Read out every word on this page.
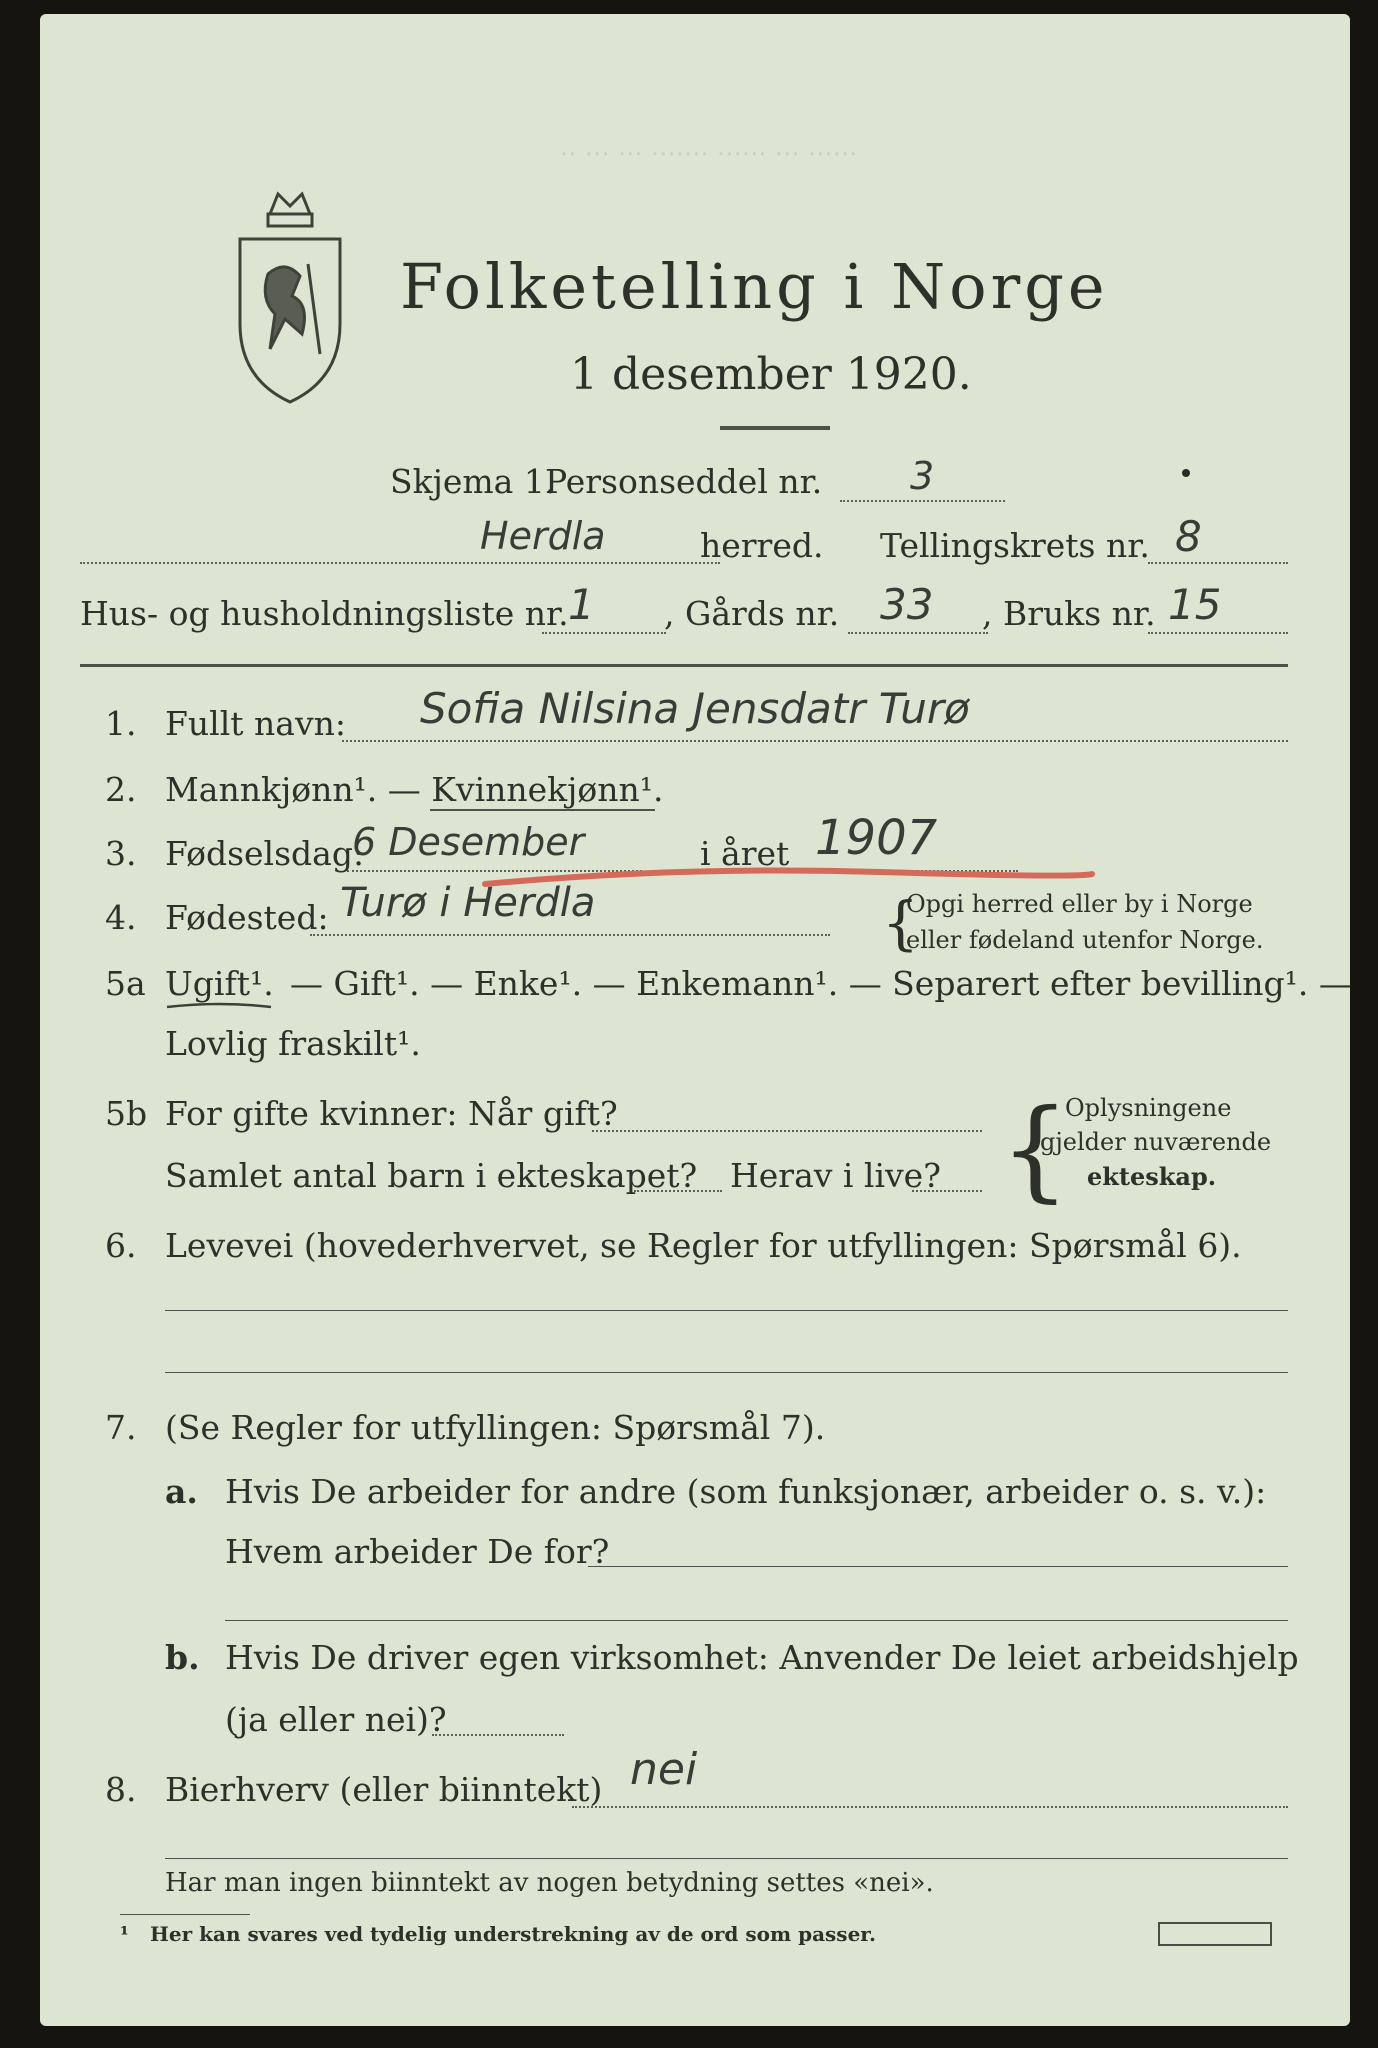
Folketelling i Norge
1 desember 1920.
·· ··· ··· ······· ······ ··· ······
Skjema 1.
Personseddel nr. 3
Herdla	herred. Tellingskrets nr. 8
Hus- og husholdningsliste nr. 1 , Gårds nr. 33 , Bruks nr. 15
1. Fullt navn: Sofia Nilsina Jensdatr Turø
2. Mannkjønn¹. — Kvinnekjønn¹.
3. Fødselsdag:
6 Desember	i året 1907
4. Fødested: Turø i Herdla	{
Opgi herred eller by i Norge
eller fødeland utenfor Norge.
5a Ugift¹. — Gift¹. — Enke¹. — Enkemann¹. — Separert efter bevilling¹. —
Lovlig fraskilt¹.
5b For gifte kvinner: Når gift?
Samlet antal barn i ekteskapet? Herav i live? {
Oplysningene
gjelder nuværende
ekteskap.
6. Levevei (hovederhvervet, se Regler for utfyllingen: Spørsmål 6).
7. (Se Regler for utfyllingen: Spørsmål 7).
a. Hvis De arbeider for andre (som funksjonær, arbeider o. s. v.):
Hvem arbeider De for?
b. Hvis De driver egen virksomhet: Anvender De leiet arbeidshjelp
(ja eller nei)?
8. Bierhverv (eller biinntekt) nei
Har man ingen biinntekt av nogen betydning settes «nei».
¹ Her kan svares ved tydelig understrekning av de ord som passer.
